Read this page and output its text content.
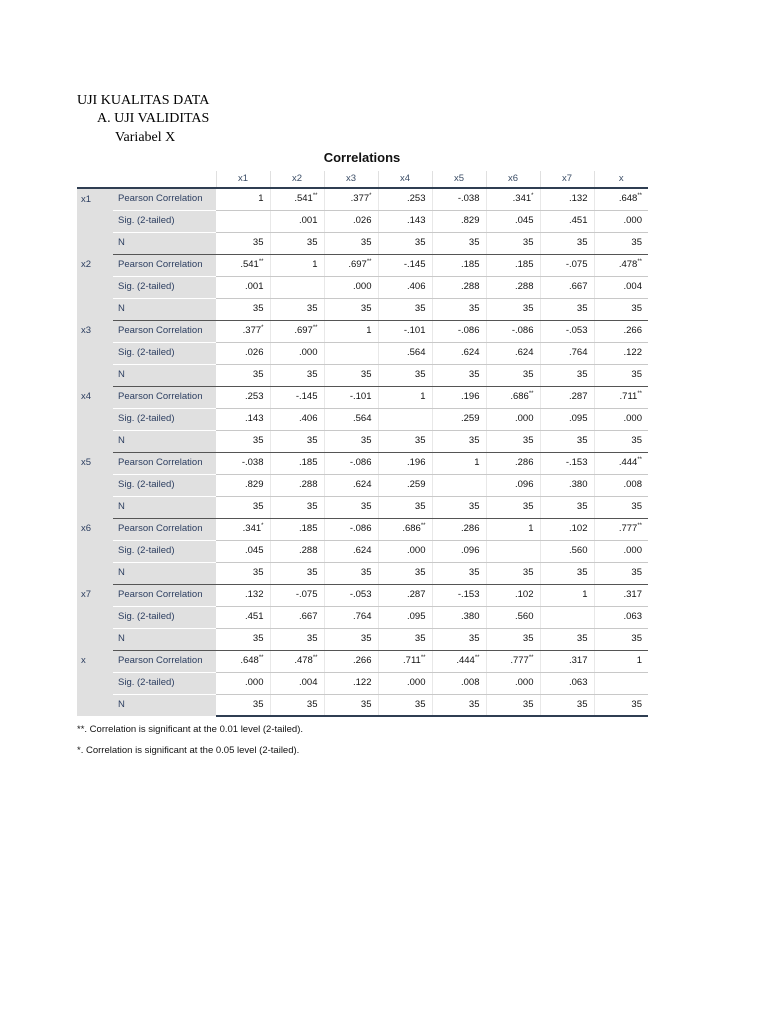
UJI KUALITAS DATA
A. UJI VALIDITAS
Variabel X
Correlations
		x1	x2	x3	x4	x5	x6	x7	x
x1	Pearson Correlation	1	.541**	.377*	.253	-.038	.341*	.132	.648**
	Sig. (2-tailed)		.001	.026	.143	.829	.045	.451	.000
	N	35	35	35	35	35	35	35	35
x2	Pearson Correlation	.541**	1	.697**	-.145	.185	.185	-.075	.478**
	Sig. (2-tailed)	.001		.000	.406	.288	.288	.667	.004
	N	35	35	35	35	35	35	35	35
x3	Pearson Correlation	.377*	.697**	1	-.101	-.086	-.086	-.053	.266
	Sig. (2-tailed)	.026	.000		.564	.624	.624	.764	.122
	N	35	35	35	35	35	35	35	35
x4	Pearson Correlation	.253	-.145	-.101	1	.196	.686**	.287	.711**
	Sig. (2-tailed)	.143	.406	.564		.259	.000	.095	.000
	N	35	35	35	35	35	35	35	35
x5	Pearson Correlation	-.038	.185	-.086	.196	1	.286	-.153	.444**
	Sig. (2-tailed)	.829	.288	.624	.259		.096	.380	.008
	N	35	35	35	35	35	35	35	35
x6	Pearson Correlation	.341*	.185	-.086	.686**	.286	1	.102	.777**
	Sig. (2-tailed)	.045	.288	.624	.000	.096		.560	.000
	N	35	35	35	35	35	35	35	35
x7	Pearson Correlation	.132	-.075	-.053	.287	-.153	.102	1	.317
	Sig. (2-tailed)	.451	.667	.764	.095	.380	.560		.063
	N	35	35	35	35	35	35	35	35
x	Pearson Correlation	.648**	.478**	.266	.711**	.444**	.777**	.317	1
	Sig. (2-tailed)	.000	.004	.122	.000	.008	.000	.063	
	N	35	35	35	35	35	35	35	35
**. Correlation is significant at the 0.01 level (2-tailed).
*. Correlation is significant at the 0.05 level (2-tailed).
